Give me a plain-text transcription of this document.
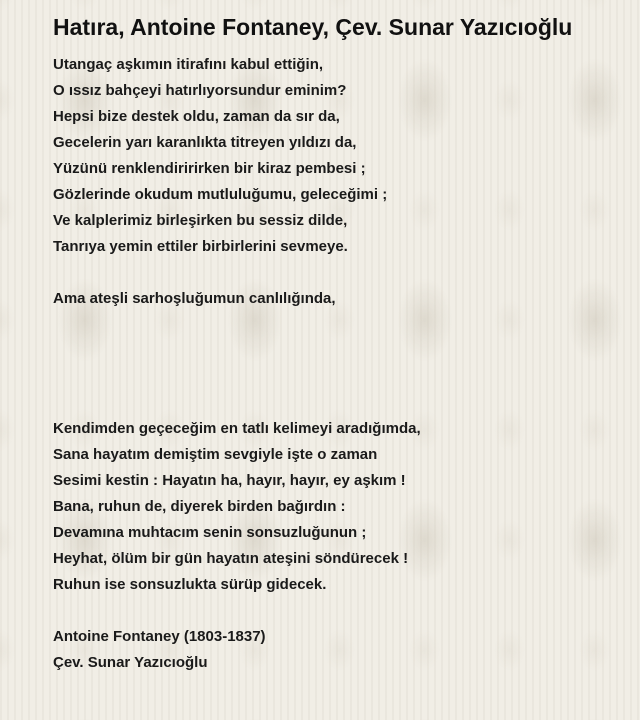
Hatıra, Antoine Fontaney, Çev. Sunar Yazıcıoğlu
Utangaç aşkımın itirafını kabul ettiğin,
O ıssız bahçeyi hatırlıyorsundur eminim?
Hepsi bize destek oldu, zaman da sır da,
Gecelerin yarı karanlıkta titreyen yıldızı da,
Yüzünü renklendiririrken bir kiraz pembesi ;
Gözlerinde okudum mutluluğumu, geleceğimi ;
Ve kalplerimiz birleşirken bu sessiz dilde,
Tanrıya yemin ettiler birbirlerini sevmeye.
Ama ateşli sarhoşluğumun canlılığında,
Kendimden geçeceğim en tatlı kelimeyi aradığımda,
Sana hayatım demiştim sevgiyle işte o zaman
Sesimi kestin : Hayatın ha, hayır, hayır, ey aşkım !
Bana, ruhun de, diyerek birden bağırdın :
Devamına muhtacım senin sonsuzluğunun ;
Heyhat, ölüm bir gün hayatın ateşini söndürecek !
Ruhun ise sonsuzlukta sürüp gidecek.
Antoine Fontaney (1803-1837)
Çev. Sunar Yazıcıoğlu
